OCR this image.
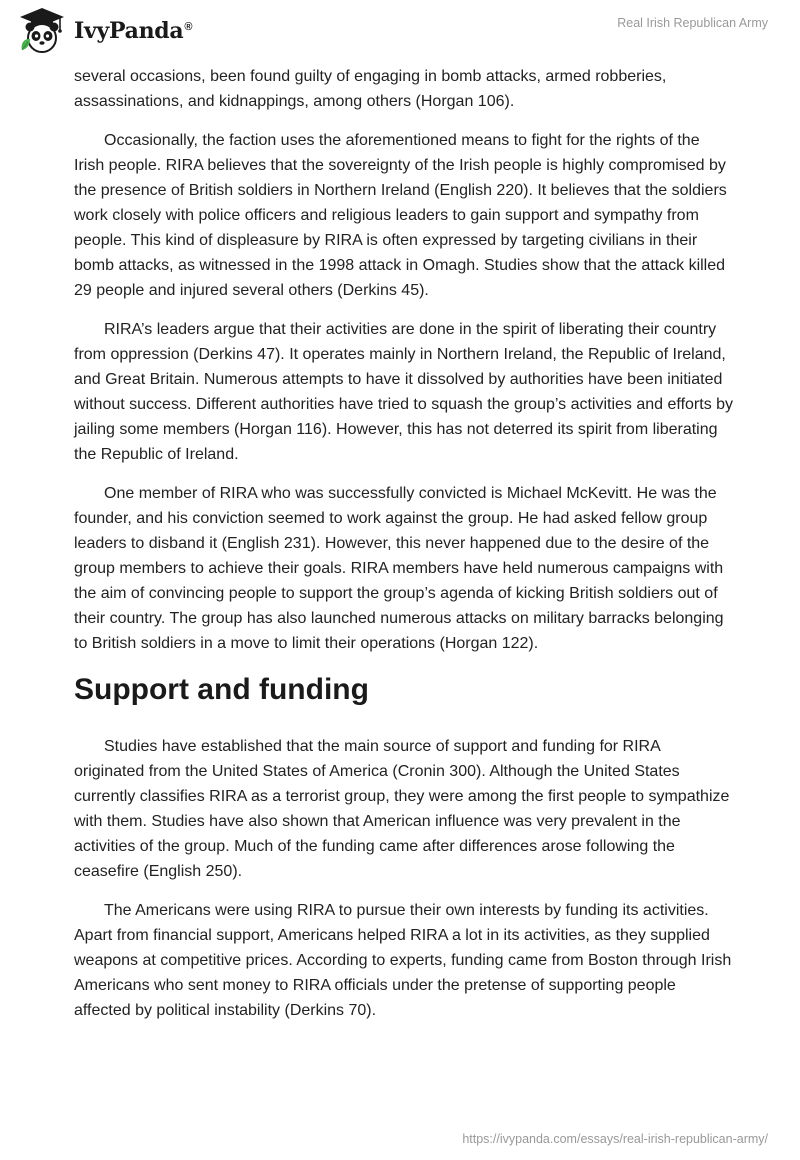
IvyPanda®	Real Irish Republican Army

several occasions, been found guilty of engaging in bomb attacks, armed robberies, assassinations, and kidnappings, among others (Horgan 106).

Occasionally, the faction uses the aforementioned means to fight for the rights of the Irish people. RIRA believes that the sovereignty of the Irish people is highly compromised by the presence of British soldiers in Northern Ireland (English 220). It believes that the soldiers work closely with police officers and religious leaders to gain support and sympathy from people. This kind of displeasure by RIRA is often expressed by targeting civilians in their bomb attacks, as witnessed in the 1998 attack in Omagh. Studies show that the attack killed 29 people and injured several others (Derkins 45).

RIRA’s leaders argue that their activities are done in the spirit of liberating their country from oppression (Derkins 47). It operates mainly in Northern Ireland, the Republic of Ireland, and Great Britain. Numerous attempts to have it dissolved by authorities have been initiated without success. Different authorities have tried to squash the group’s activities and efforts by jailing some members (Horgan 116). However, this has not deterred its spirit from liberating the Republic of Ireland.

One member of RIRA who was successfully convicted is Michael McKevitt. He was the founder, and his conviction seemed to work against the group. He had asked fellow group leaders to disband it (English 231). However, this never happened due to the desire of the group members to achieve their goals. RIRA members have held numerous campaigns with the aim of convincing people to support the group’s agenda of kicking British soldiers out of their country. The group has also launched numerous attacks on military barracks belonging to British soldiers in a move to limit their operations (Horgan 122).

Support and funding

Studies have established that the main source of support and funding for RIRA originated from the United States of America (Cronin 300). Although the United States currently classifies RIRA as a terrorist group, they were among the first people to sympathize with them. Studies have also shown that American influence was very prevalent in the activities of the group. Much of the funding came after differences arose following the ceasefire (English 250).

The Americans were using RIRA to pursue their own interests by funding its activities. Apart from financial support, Americans helped RIRA a lot in its activities, as they supplied weapons at competitive prices. According to experts, funding came from Boston through Irish Americans who sent money to RIRA officials under the pretense of supporting people affected by political instability (Derkins 70).

https://ivypanda.com/essays/real-irish-republican-army/
